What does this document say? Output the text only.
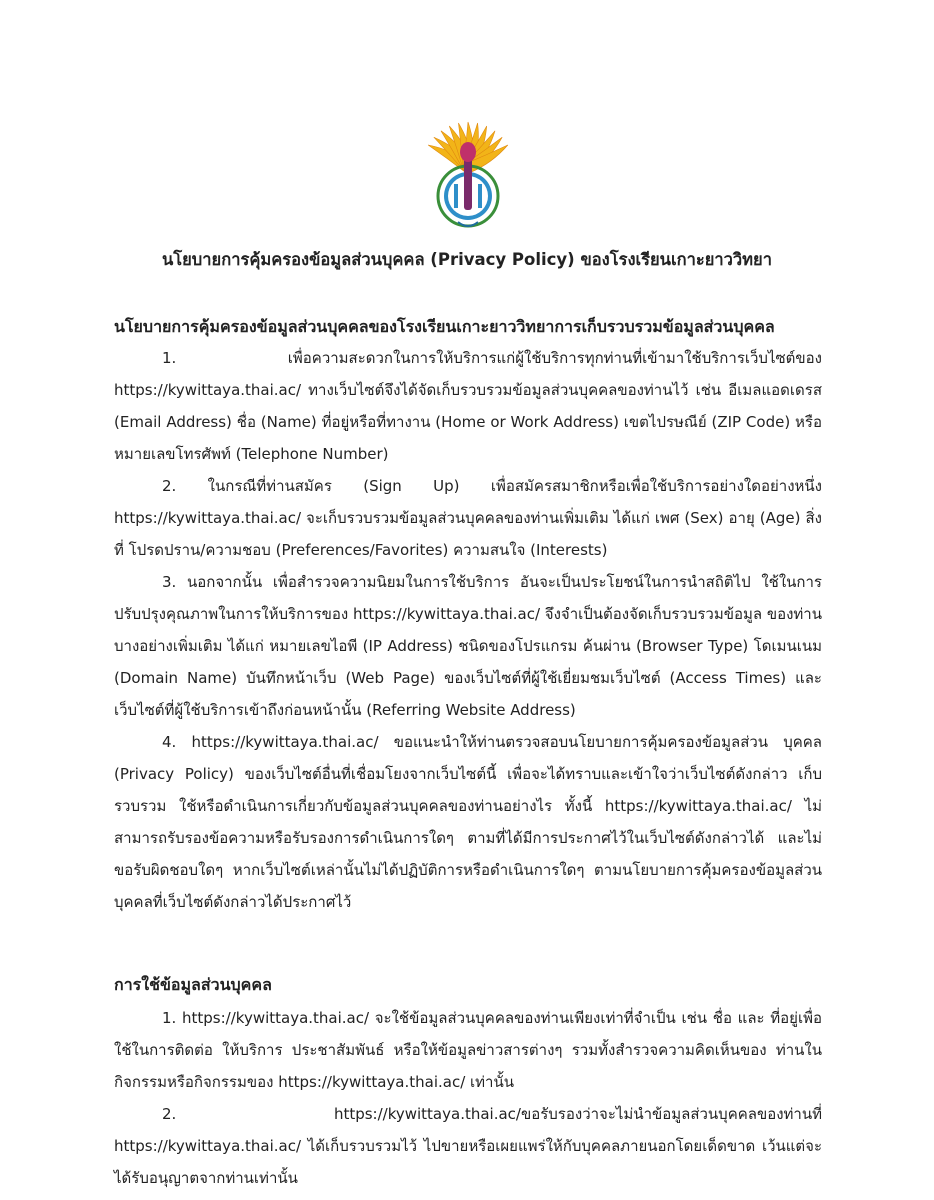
นโยบายการคุ้มครองข้อมูลส่วนบุคคล (Privacy Policy) ของโรงเรียนเกาะยาววิทยา
นโยบายการคุ้มครองข้อมูลส่วนบุคคลของโรงเรียนเกาะยาววิทยาการเก็บรวบรวมข้อมูลส่วนบุคคล

1. เพื่อความสะดวกในการให้บริการแก่ผู้ใช้บริการทุกท่านที่เข้ามาใช้บริการเว็บไซต์ของ https://kywittaya.thai.ac/ ทางเว็บไซต์จึงได้จัดเก็บรวบรวมข้อมูลส่วนบุคคลของท่านไว้ เช่น อีเมลแอดเดรส (Email Address) ชื่อ (Name) ที่อยู่หรือที่ทางาน (Home or Work Address) เขตไปรษณีย์ (ZIP Code) หรือหมายเลขโทรศัพท์ (Telephone Number)

2. ในกรณีที่ท่านสมัคร (Sign Up) เพื่อสมัครสมาชิกหรือเพื่อใช้บริการอย่างใดอย่างหนึ่ง https://kywittaya.thai.ac/ จะเก็บรวบรวมข้อมูลส่วนบุคคลของท่านเพิ่มเติม ได้แก่ เพศ (Sex) อายุ (Age) สิ่งที่ โปรดปราน/ความชอบ (Preferences/Favorites) ความสนใจ (Interests)

3. นอกจากนั้น เพื่อสำรวจความนิยมในการใช้บริการ อันจะเป็นประโยชน์ในการนำสถิติไป ใช้ในการปรับปรุงคุณภาพในการให้บริการของ https://kywittaya.thai.ac/ จึงจำเป็นต้องจัดเก็บรวบรวมข้อมูล ของท่านบางอย่างเพิ่มเติม ได้แก่ หมายเลขไอพี (IP Address) ชนิดของโปรแกรม ค้นผ่าน (Browser Type) โดเมนเนม (Domain Name) บันทึกหน้าเว็บ (Web Page) ของเว็บไซต์ที่ผู้ใช้เยี่ยมชมเว็บไซต์ (Access Times) และเว็บไซต์ที่ผู้ใช้บริการเข้าถึงก่อนหน้านั้น (Referring Website Address)

4. https://kywittaya.thai.ac/ ขอแนะนำให้ท่านตรวจสอบนโยบายการคุ้มครองข้อมูลส่วน บุคคล (Privacy Policy) ของเว็บไซต์อื่นที่เชื่อมโยงจากเว็บไซต์นี้ เพื่อจะได้ทราบและเข้าใจว่าเว็บไซต์ดังกล่าว เก็บรวบรวม ใช้หรือดำเนินการเกี่ยวกับข้อมูลส่วนบุคคลของท่านอย่างไร ทั้งนี้ https://kywittaya.thai.ac/ ไม่สามารถรับรองข้อความหรือรับรองการดำเนินการใดๆ ตามที่ได้มีการประกาศไว้ในเว็บไซต์ดังกล่าวได้ และไม่ขอรับผิดชอบใดๆ หากเว็บไซต์เหล่านั้นไม่ได้ปฏิบัติการหรือดำเนินการใดๆ ตามนโยบายการคุ้มครองข้อมูลส่วนบุคคลที่เว็บไซต์ดังกล่าวได้ประกาศไว้

การใช้ข้อมูลส่วนบุคคล

1. https://kywittaya.thai.ac/ จะใช้ข้อมูลส่วนบุคคลของท่านเพียงเท่าที่จำเป็น เช่น ชื่อ และ ที่อยู่เพื่อใช้ในการติดต่อ ให้บริการ ประชาสัมพันธ์ หรือให้ข้อมูลข่าวสารต่างๆ รวมทั้งสำรวจความคิดเห็นของ ท่านในกิจกรรมหรือกิจกรรมของ https://kywittaya.thai.ac/ เท่านั้น

2. https://kywittaya.thai.ac/ขอรับรองว่าจะไม่นำข้อมูลส่วนบุคคลของท่านที่ https://kywittaya.thai.ac/ ได้เก็บรวบรวมไว้ ไปขายหรือเผยแพร่ให้กับบุคคลภายนอกโดยเด็ดขาด เว้นแต่จะ ได้รับอนุญาตจากท่านเท่านั้น
